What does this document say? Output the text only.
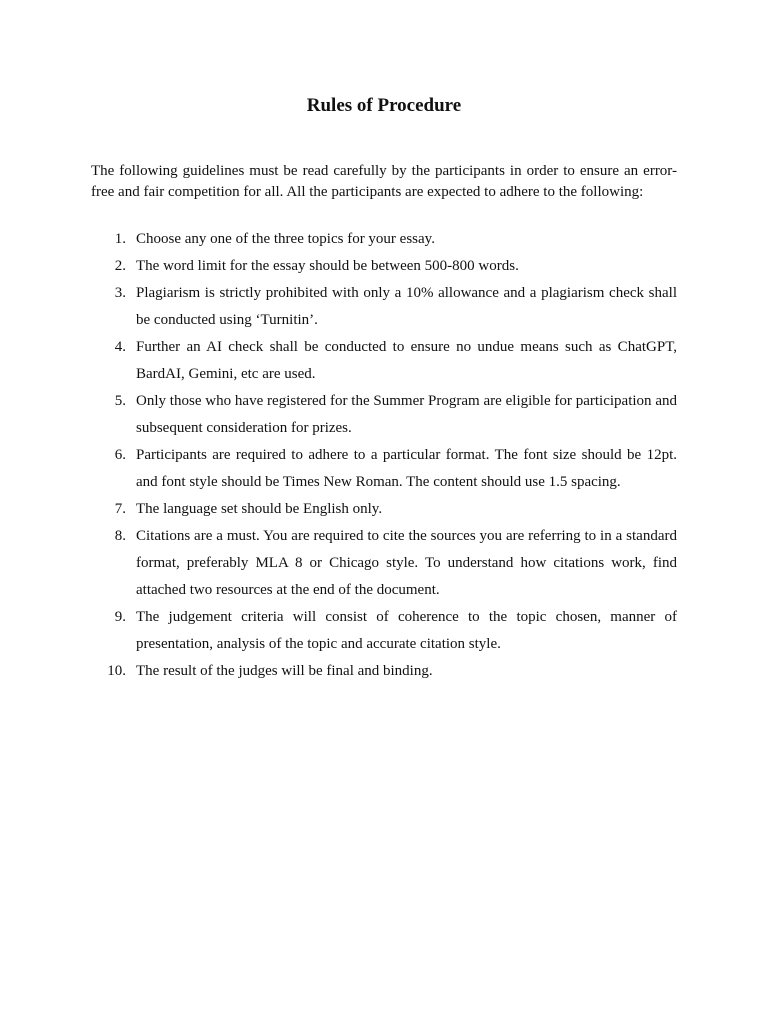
Rules of Procedure

The following guidelines must be read carefully by the participants in order to ensure an error-free and fair competition for all. All the participants are expected to adhere to the following:

1. Choose any one of the three topics for your essay.
2. The word limit for the essay should be between 500-800 words.
3. Plagiarism is strictly prohibited with only a 10% allowance and a plagiarism check shall be conducted using ‘Turnitin’.
4. Further an AI check shall be conducted to ensure no undue means such as ChatGPT, BardAI, Gemini, etc are used.
5. Only those who have registered for the Summer Program are eligible for participation and subsequent consideration for prizes.
6. Participants are required to adhere to a particular format. The font size should be 12pt. and font style should be Times New Roman. The content should use 1.5 spacing.
7. The language set should be English only.
8. Citations are a must. You are required to cite the sources you are referring to in a standard format, preferably MLA 8 or Chicago style. To understand how citations work, find attached two resources at the end of the document.
9. The judgement criteria will consist of coherence to the topic chosen, manner of presentation, analysis of the topic and accurate citation style.
10. The result of the judges will be final and binding.
